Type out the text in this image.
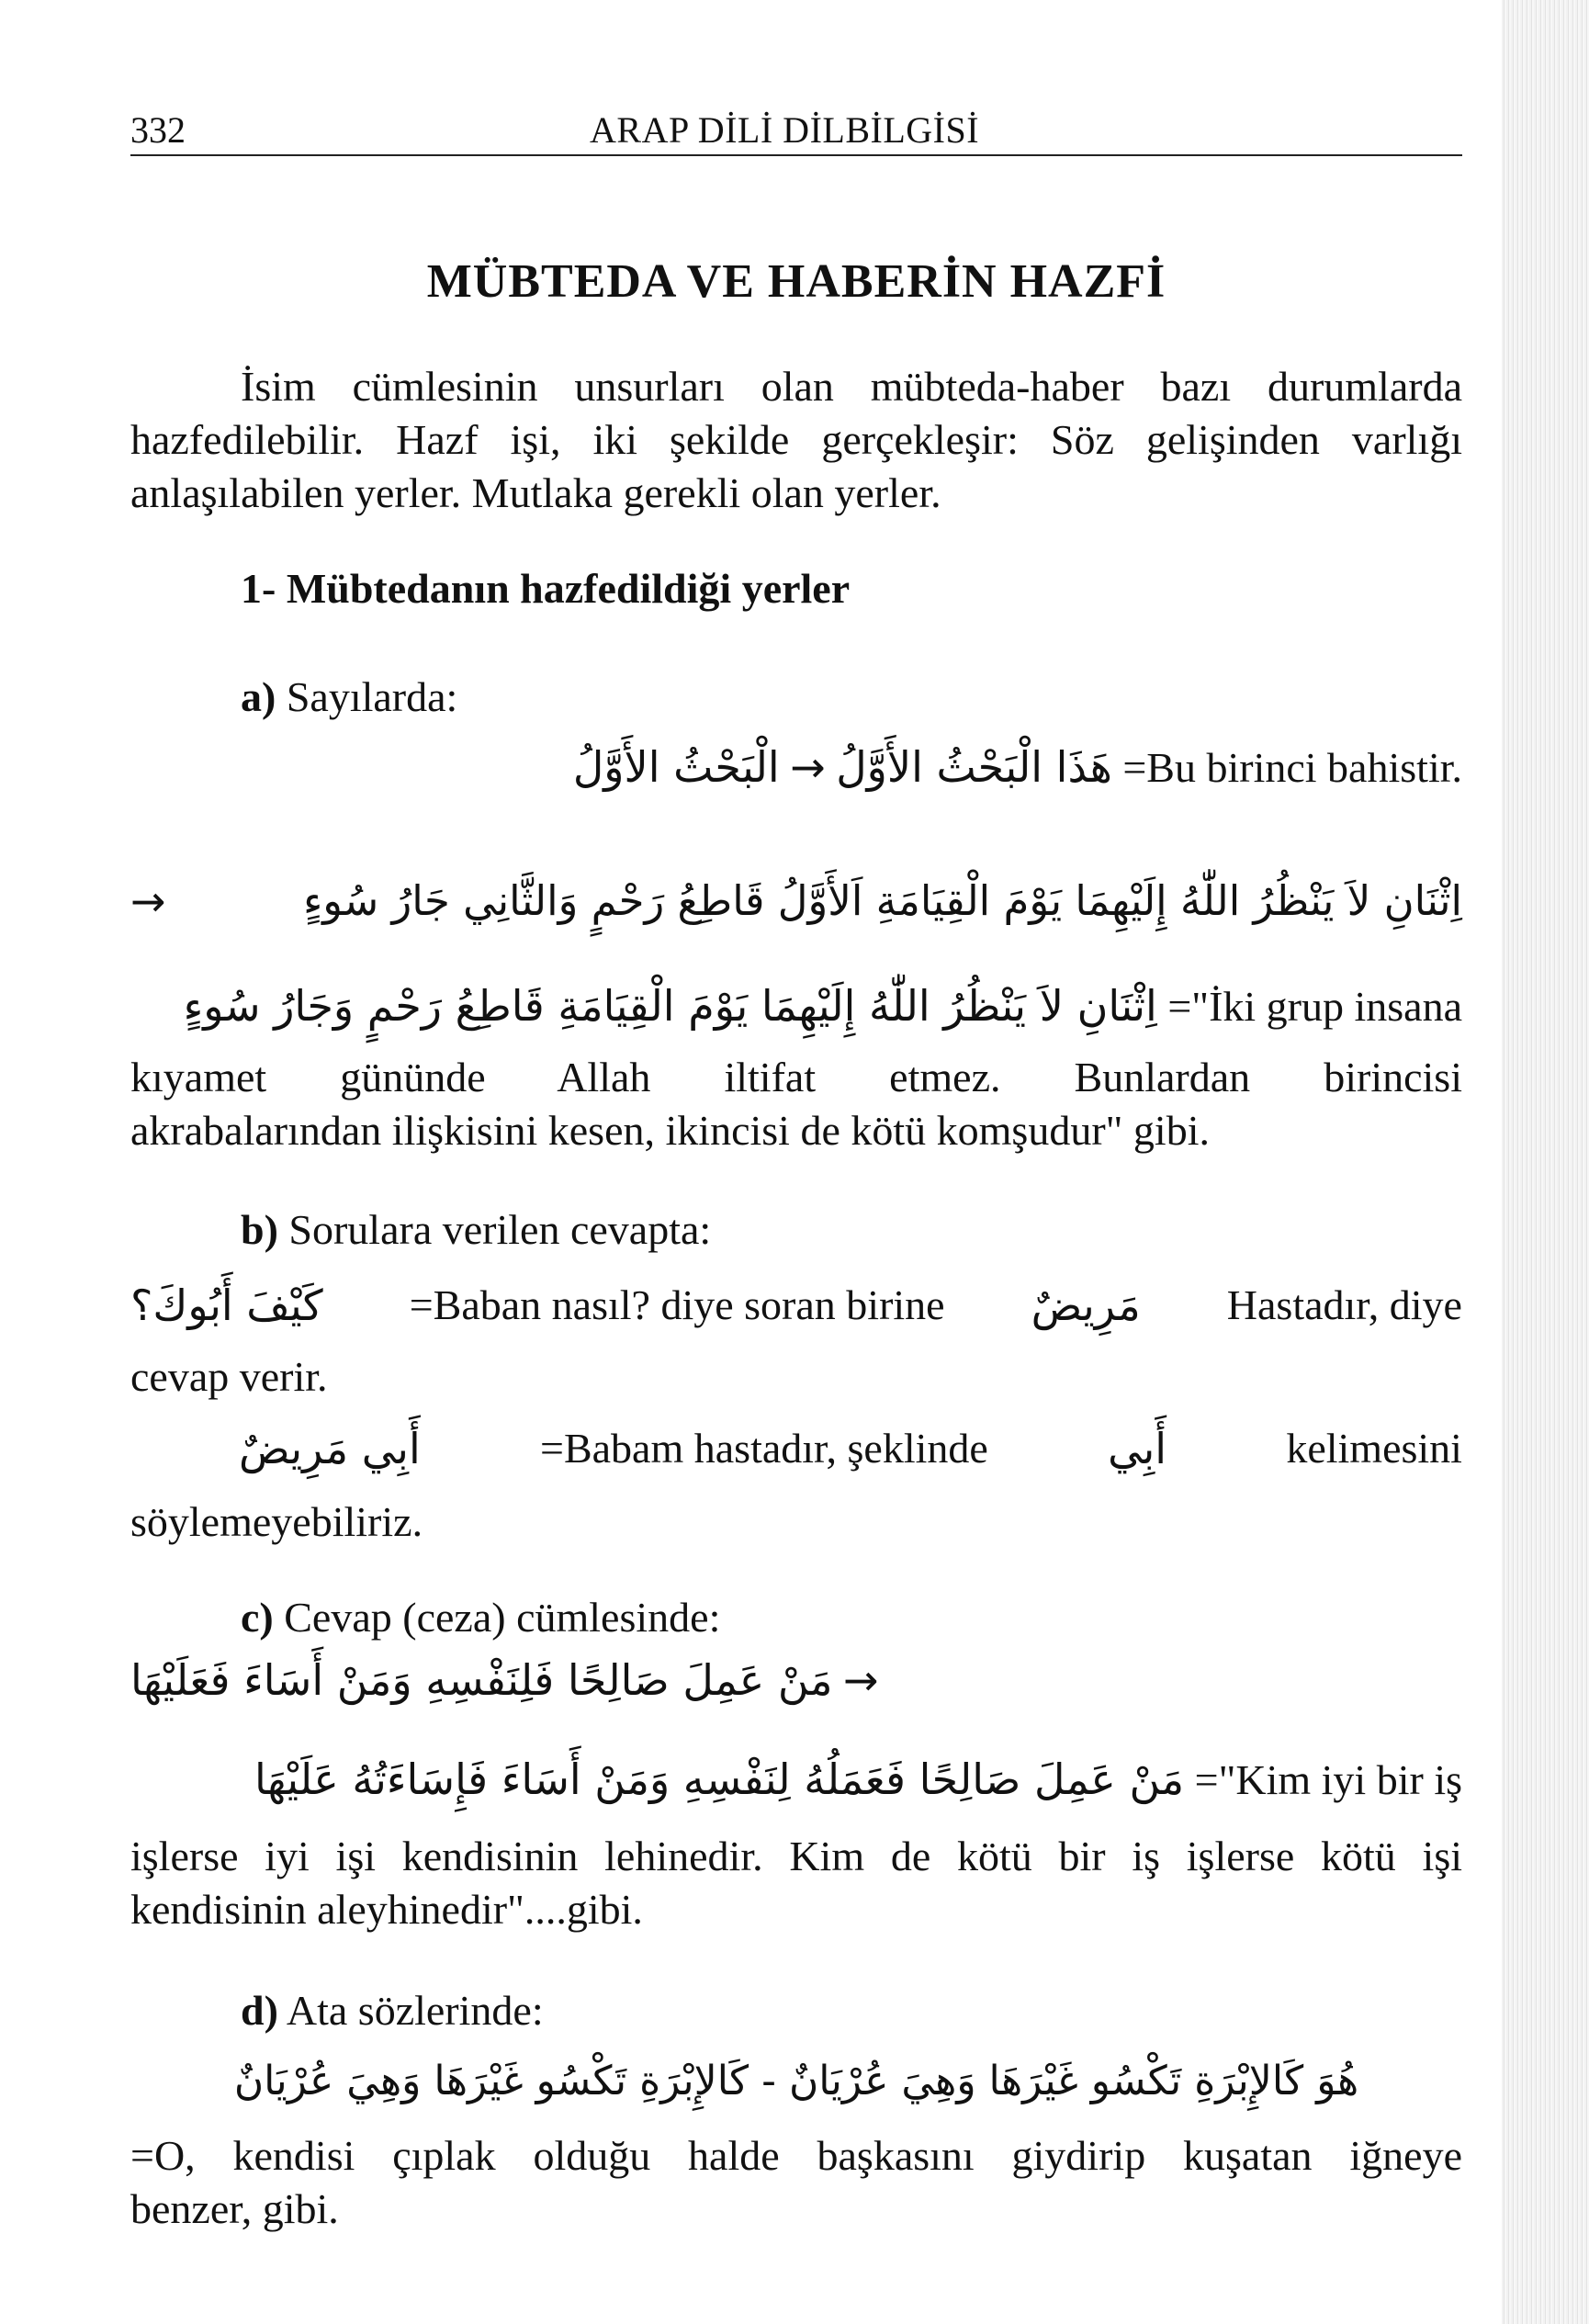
332	ARAP DİLİ DİLBİLGİSİ
MÜBTEDA VE HABERİN HAZFİ
İsim cümlesinin unsurları olan mübteda-haber bazı durumlarda
hazfedilebilir. Hazf işi, iki şekilde gerçekleşir: Söz gelişinden varlığı
anlaşılabilen yerler. Mutlaka gerekli olan yerler.
1- Mübtedanın hazfedildiği yerler
a) Sayılarda:
الْبَحْثُ الأَوَّلُ → هَذَا الْبَحْثُ الأَوَّلُ =Bu birinci bahistir.
→	اِثْنَانِ لاَ يَنْظُرُ اللّٰهُ إِلَيْهِمَا يَوْمَ الْقِيَامَةِ اَلأَوَّلُ قَاطِعُ رَحْمٍ وَالثَّانِي جَارُ سُوءٍ
اِثْنَانِ لاَ يَنْظُرُ اللّٰهُ إِلَيْهِمَا يَوْمَ الْقِيَامَةِ قَاطِعُ رَحْمٍ وَجَارُ سُوءٍ ="İki grup insana
kıyamet gününde Allah iltifat etmez. Bunlardan birincisi
akrabalarından ilişkisini kesen, ikincisi de kötü komşudur" gibi.
b) Sorulara verilen cevapta:
كَيْفَ أَبُوكَ؟ =Baban nasıl? diye soran birine مَرِيضٌ Hastadır, diye
cevap verir.
أَبِي مَرِيضٌ	=Babam hastadır, şeklinde	أَبِي	kelimesini
söylemeyebiliriz.
c) Cevap (ceza) cümlesinde:
مَنْ عَمِلَ صَالِحًا فَلِنَفْسِهِ وَمَنْ أَسَاءَ فَعَلَيْهَا →
مَنْ عَمِلَ صَالِحًا فَعَمَلُهُ لِنَفْسِهِ وَمَنْ أَسَاءَ فَإِسَاءَتُهُ عَلَيْهَا ="Kim iyi bir iş
işlerse iyi işi kendisinin lehinedir. Kim de kötü bir iş işlerse kötü işi
kendisinin aleyhinedir"....gibi.
d) Ata sözlerinde:
هُوَ كَالإِبْرَةِ تَكْسُو غَيْرَهَا وَهِيَ عُرْيَانٌ - كَالإِبْرَةِ تَكْسُو غَيْرَهَا وَهِيَ عُرْيَانٌ
=O, kendisi çıplak olduğu halde başkasını giydirip kuşatan iğneye
benzer, gibi.
